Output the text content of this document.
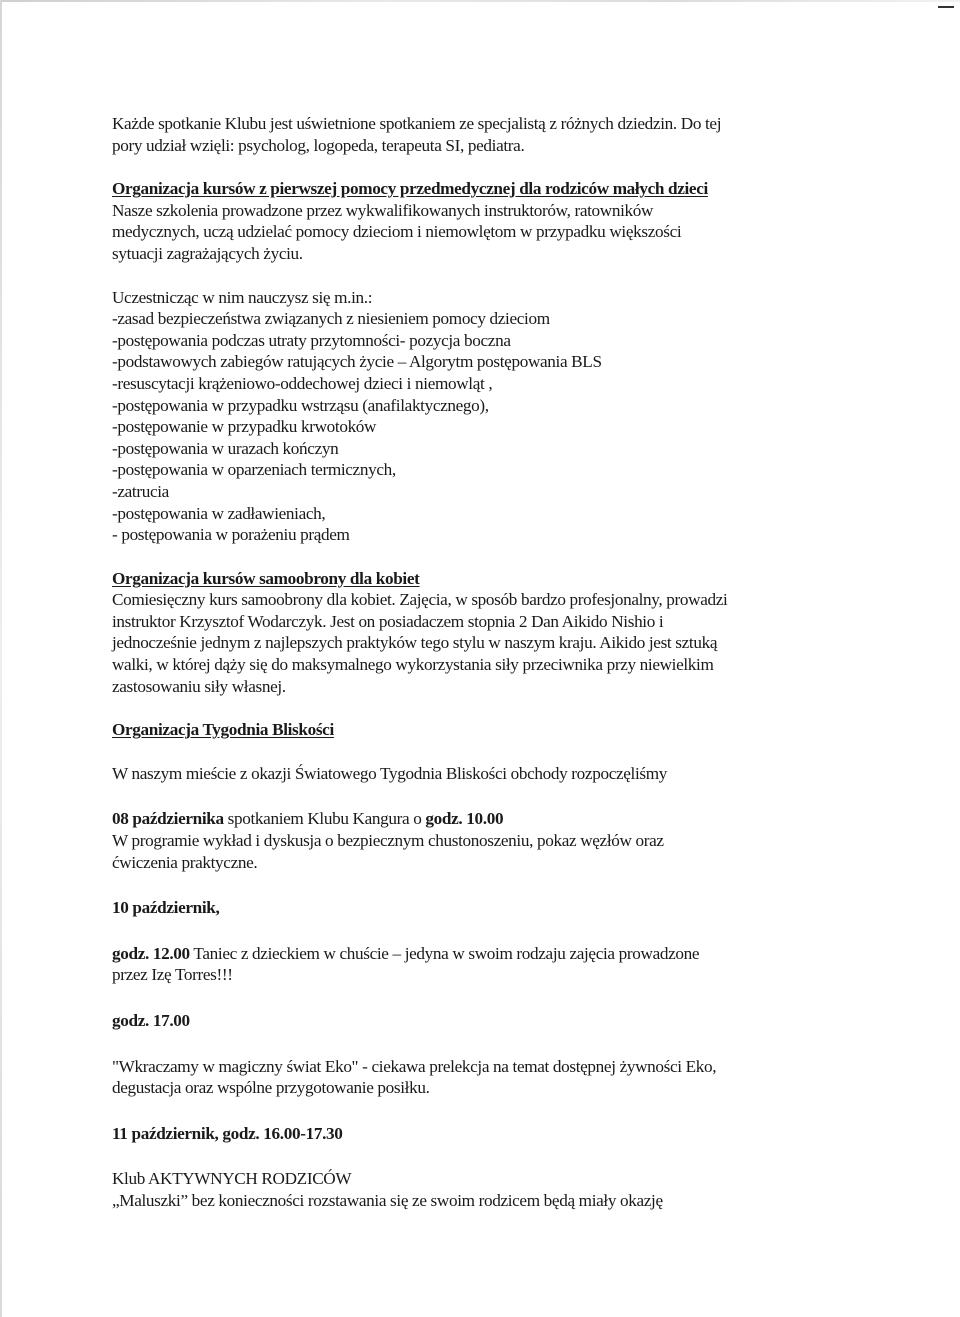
Każde spotkanie Klubu jest uświetnione spotkaniem ze specjalistą z różnych dziedzin. Do tej

pory udział wzięli: psycholog, logopeda, terapeuta SI, pediatra.

Organizacja kursów z pierwszej pomocy przedmedycznej dla rodziców małych dzieci

Nasze szkolenia prowadzone przez wykwalifikowanych instruktorów, ratowników

medycznych, uczą udzielać pomocy dzieciom i niemowlętom w przypadku większości

sytuacji zagrażających życiu.

Uczestnicząc w nim nauczysz się m.in.:

-zasad bezpieczeństwa związanych z niesieniem pomocy dzieciom
-postępowania podczas utraty przytomności- pozycja boczna
-podstawowych zabiegów ratujących życie – Algorytm postępowania BLS
-resuscytacji krążeniowo-oddechowej dzieci i niemowląt ,
-postępowania w przypadku wstrząsu (anafilaktycznego),
-postępowanie w przypadku krwotoków
-postępowania w urazach kończyn
-postępowania w oparzeniach termicznych,
-zatrucia
-postępowania w zadławieniach,
- postępowania w porażeniu prądem

Organizacja kursów samoobrony dla kobiet

Comiesięczny kurs samoobrony dla kobiet. Zajęcia, w sposób bardzo profesjonalny, prowadzi

instruktor Krzysztof Wodarczyk. Jest on posiadaczem stopnia 2 Dan Aikido Nishio i

jednocześnie jednym z najlepszych praktyków tego stylu w naszym kraju. Aikido jest sztuką

walki, w której dąży się do maksymalnego wykorzystania siły przeciwnika przy niewielkim

zastosowaniu siły własnej.

Organizacja Tygodnia Bliskości

W naszym mieście z okazji Światowego Tygodnia Bliskości obchody rozpoczęliśmy

08 października spotkaniem Klubu Kangura o godz. 10.00

W programie wykład i dyskusja o bezpiecznym chustonoszeniu, pokaz węzłów oraz

ćwiczenia praktyczne.

10 październik,

godz. 12.00 Taniec z dzieckiem w chuście – jedyna w swoim rodzaju zajęcia prowadzone

przez Izę Torres!!!

godz. 17.00

"Wkraczamy w magiczny świat Eko" - ciekawa prelekcja na temat dostępnej żywności Eko,

degustacja oraz wspólne przygotowanie posiłku.

11 październik, godz. 16.00-17.30

Klub AKTYWNYCH RODZICÓW

„Maluszki” bez konieczności rozstawania się ze swoim rodzicem będą miały okazję
